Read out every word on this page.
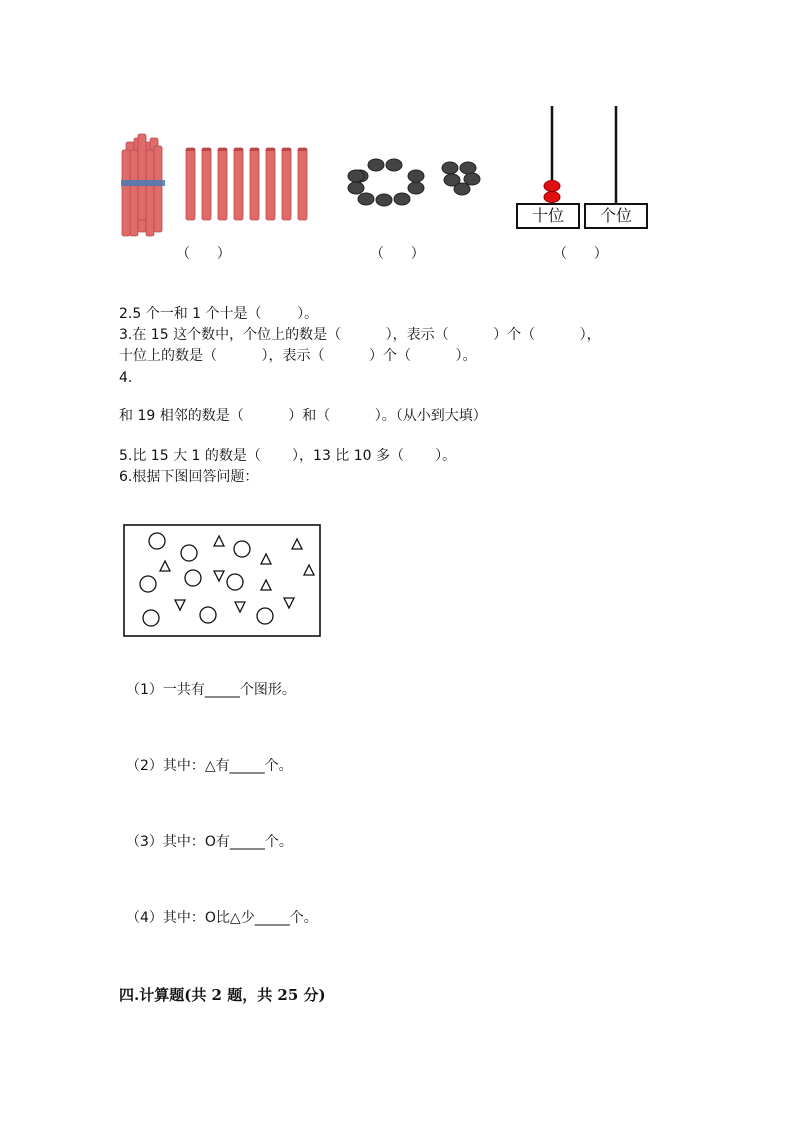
（      ）	（      ）
十位	个位
（      ）
2.5 个一和 1 个十是（        ）。
3.在 15 这个数中，个位上的数是（          ），表示（          ）个（          ），
十位上的数是（          ），表示（          ）个（          ）。
4.
和 19 相邻的数是（          ）和（          ）。（从小到大填）
5.比 15 大 1 的数是（       ），13 比 10 多（       ）。
6.根据下图回答问题：
（1）一共有_____个图形。
（2）其中：△有_____个。
（3）其中：O有_____个。
（4）其中：O比△少_____个。
四.计算题(共 2 题，共 25 分)
